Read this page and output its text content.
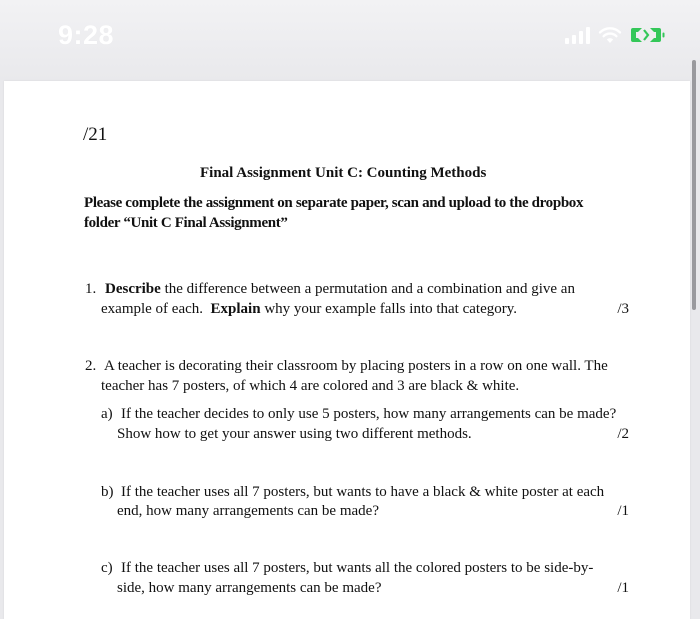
9:28
/21
Final Assignment Unit C: Counting Methods
Please complete the assignment on separate paper, scan and upload to the dropbox
folder “Unit C Final Assignment”
1. Describe the difference between a permutation and a combination and give an
example of each.  Explain why your example falls into that category.	/3
2. A teacher is decorating their classroom by placing posters in a row on one wall. The
teacher has 7 posters, of which 4 are colored and 3 are black & white.
a) If the teacher decides to only use 5 posters, how many arrangements can be made?
Show how to get your answer using two different methods.	/2
b) If the teacher uses all 7 posters, but wants to have a black & white poster at each
end, how many arrangements can be made?	/1
c) If the teacher uses all 7 posters, but wants all the colored posters to be side-by-
side, how many arrangements can be made?	/1
